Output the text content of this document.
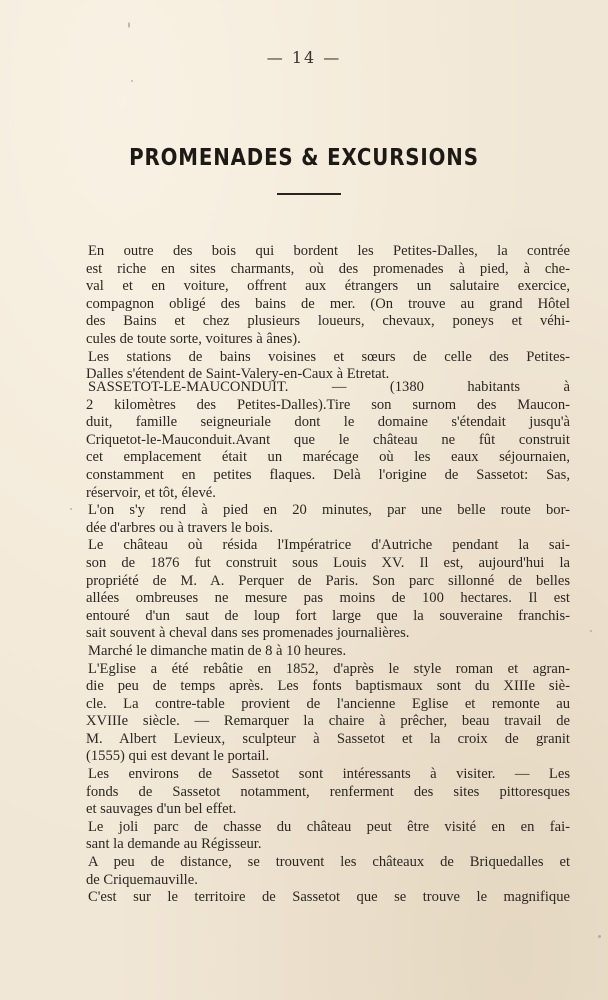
— 14 —
PROMENADES & EXCURSIONS

En outre des bois qui bordent les Petites-Dalles, la contrée
est riche en sites charmants, où des promenades à pied, à che-
val et en voiture, offrent aux étrangers un salutaire exercice,
compagnon obligé des bains de mer. (On trouve au grand Hôtel
des Bains et chez plusieurs loueurs, chevaux, poneys et véhi-
cules de toute sorte, voitures à ânes).

Les stations de bains voisines et sœurs de celle des Petites-
Dalles s'étendent de Saint-Valery-en-Caux à Etretat.

SASSETOT-LE-MAUCONDUIT. — (1380 habitants à
2 kilomètres des Petites-Dalles).Tire son surnom des Maucon-
duit, famille seigneuriale dont le domaine s'étendait jusqu'à
Criquetot-le-Mauconduit.Avant que le château ne fût construit
cet emplacement était un marécage où les eaux séjournaien,
constamment en petites flaques. Delà l'origine de Sassetot: Sas,
réservoir, et tôt, élevé.

L'on s'y rend à pied en 20 minutes, par une belle route bor-
dée d'arbres ou à travers le bois.

Le château où résida l'Impératrice d'Autriche pendant la sai-
son de 1876 fut construit sous Louis XV. Il est, aujourd'hui la
propriété de M. A. Perquer de Paris. Son parc sillonné de belles
allées ombreuses ne mesure pas moins de 100 hectares. Il est
entouré d'un saut de loup fort large que la souveraine franchis-
sait souvent à cheval dans ses promenades journalières.

Marché le dimanche matin de 8 à 10 heures.

L'Eglise a été rebâtie en 1852, d'après le style roman et agran-
die peu de temps après. Les fonts baptismaux sont du XIIIe siè-
cle. La contre-table provient de l'ancienne Eglise et remonte au
XVIIIe siècle. — Remarquer la chaire à prêcher, beau travail de
M. Albert Levieux, sculpteur à Sassetot et la croix de granit
(1555) qui est devant le portail.

Les environs de Sassetot sont intéressants à visiter. — Les
fonds de Sassetot notamment, renferment des sites pittoresques
et sauvages d'un bel effet.

Le joli parc de chasse du château peut être visité en en fai-
sant la demande au Régisseur.

A peu de distance, se trouvent les châteaux de Briquedalles et
de Criquemauville.

C'est sur le territoire de Sassetot que se trouve le magnifique
